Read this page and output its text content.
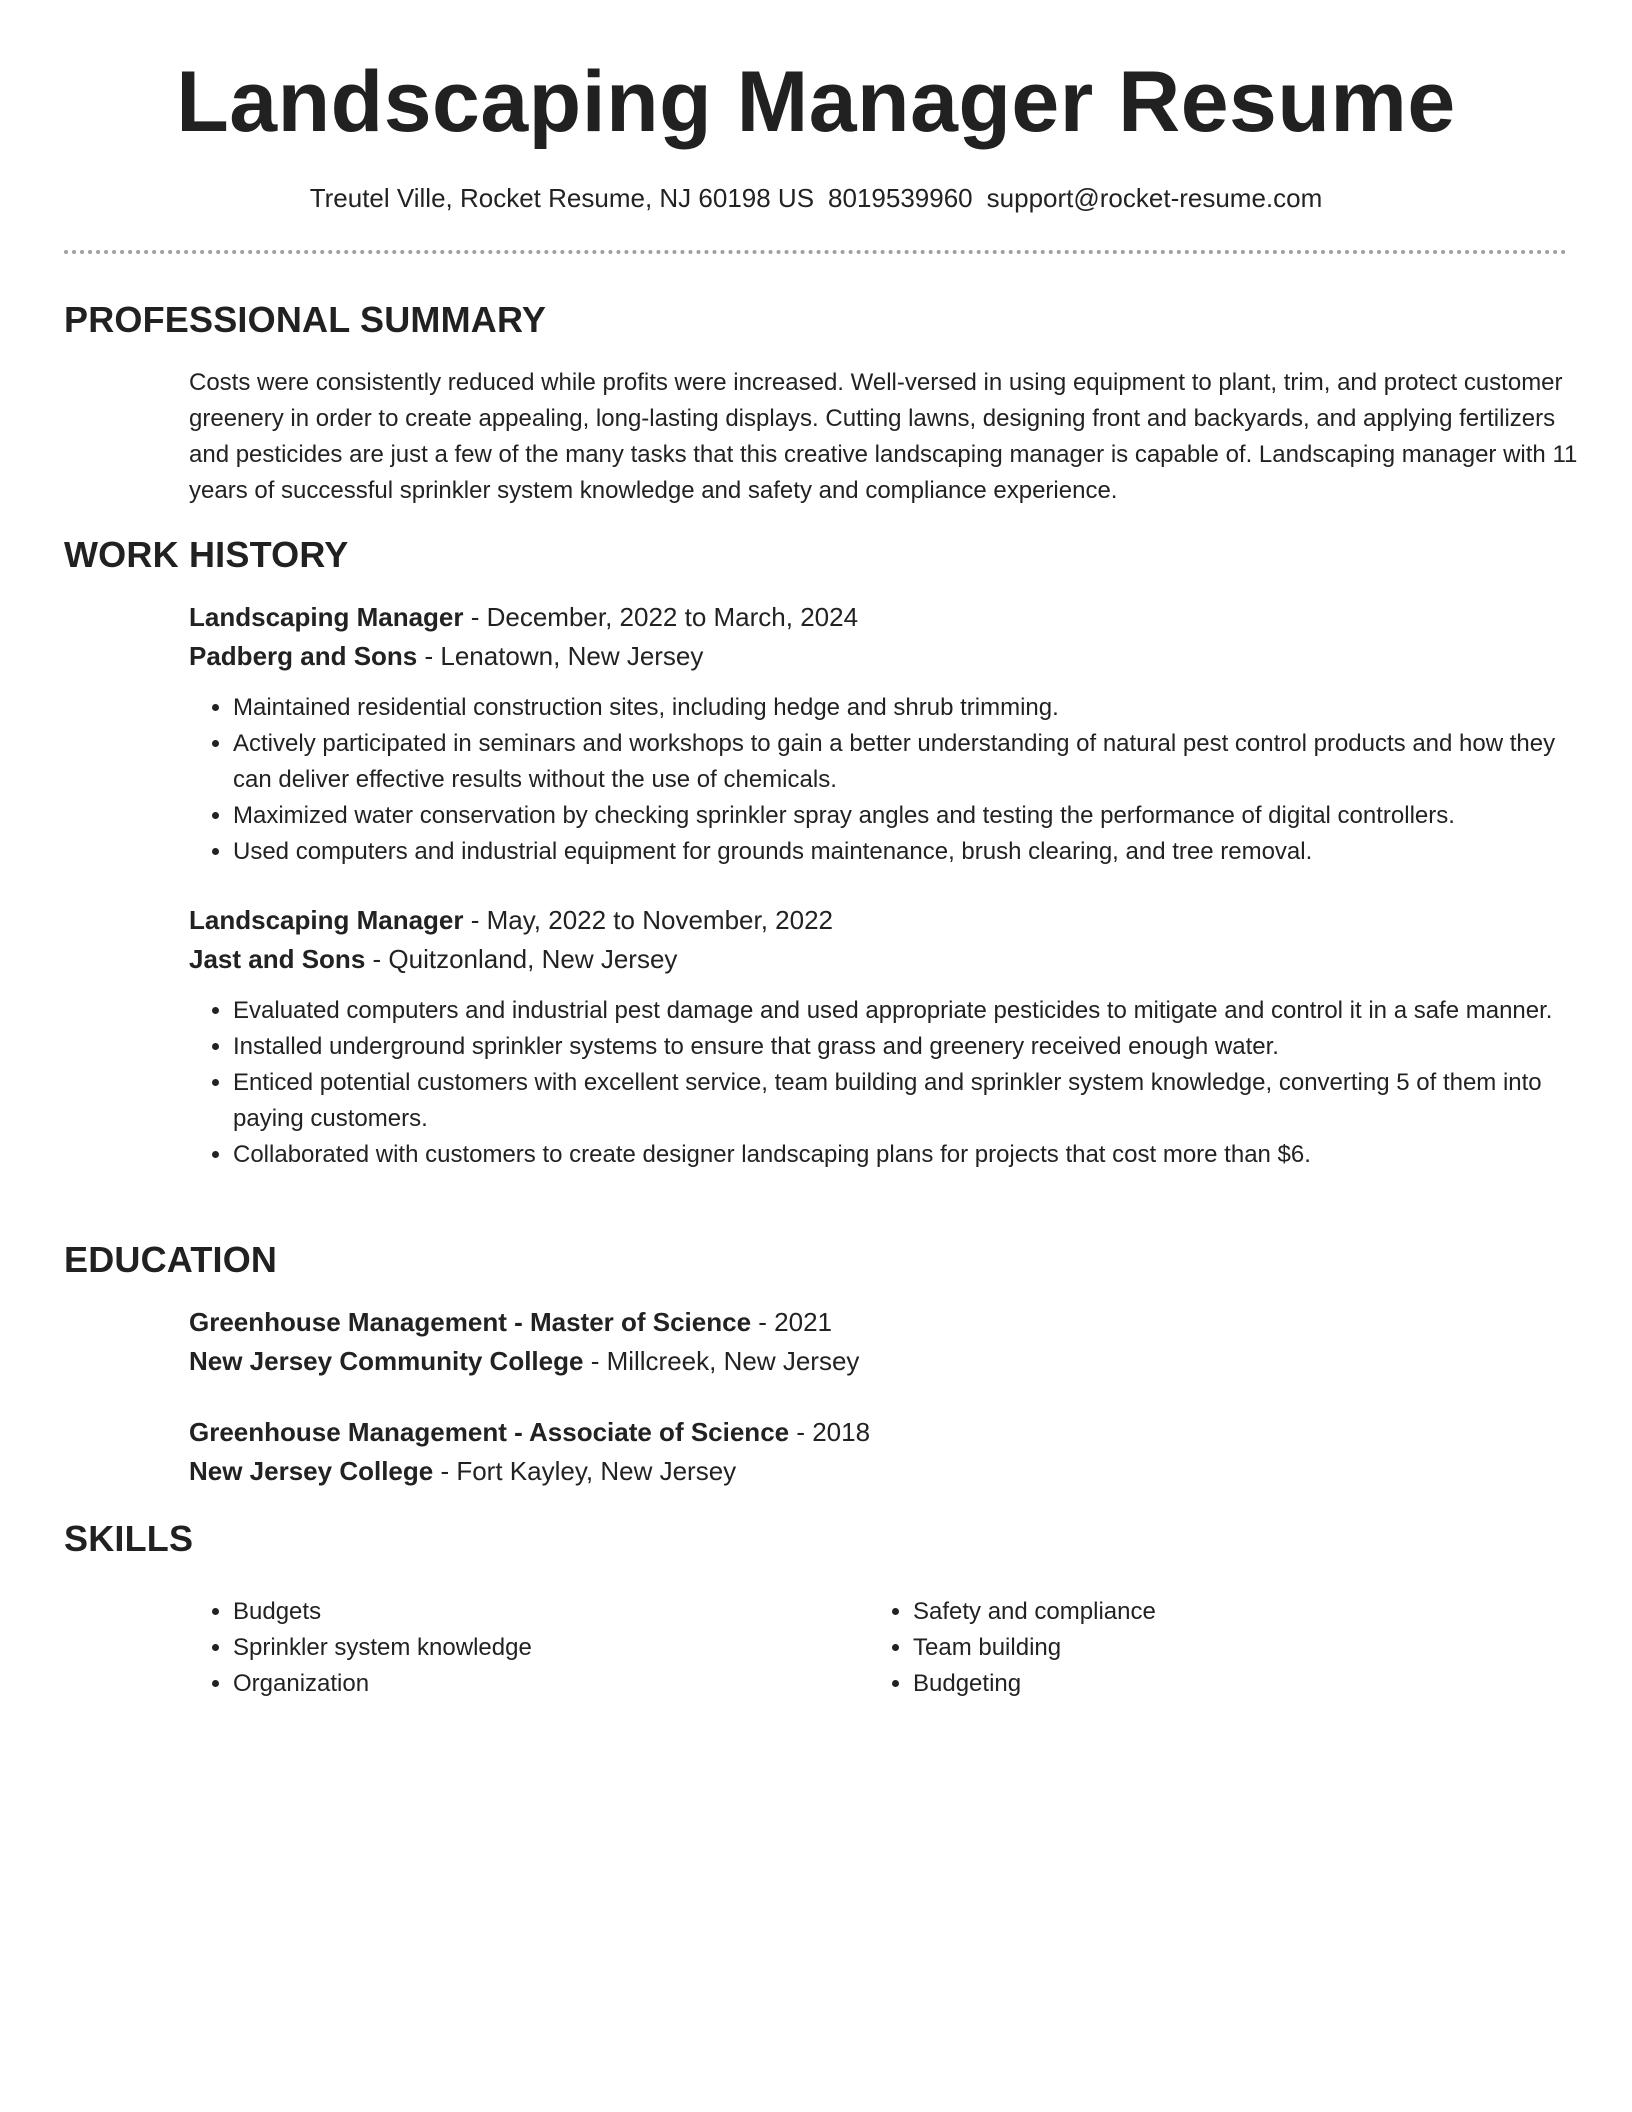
Landscaping Manager Resume
Treutel Ville, Rocket Resume, NJ 60198 US 8019539960 support@rocket-resume.com
PROFESSIONAL SUMMARY

Costs were consistently reduced while profits were increased. Well-versed in using equipment to plant, trim, and protect customer greenery in order to create appealing, long-lasting displays. Cutting lawns, designing front and backyards, and applying fertilizers and pesticides are just a few of the many tasks that this creative landscaping manager is capable of. Landscaping manager with 11 years of successful sprinkler system knowledge and safety and compliance experience.

WORK HISTORY
Landscaping Manager - December, 2022 to March, 2024
Padberg and Sons - Lenatown, New Jersey
• Maintained residential construction sites, including hedge and shrub trimming.
• Actively participated in seminars and workshops to gain a better understanding of natural pest control products and how they can deliver effective results without the use of chemicals.
• Maximized water conservation by checking sprinkler spray angles and testing the performance of digital controllers.
• Used computers and industrial equipment for grounds maintenance, brush clearing, and tree removal.
Landscaping Manager - May, 2022 to November, 2022
Jast and Sons - Quitzonland, New Jersey
• Evaluated computers and industrial pest damage and used appropriate pesticides to mitigate and control it in a safe manner.
• Installed underground sprinkler systems to ensure that grass and greenery received enough water.
• Enticed potential customers with excellent service, team building and sprinkler system knowledge, converting 5 of them into paying customers.
• Collaborated with customers to create designer landscaping plans for projects that cost more than $6.
EDUCATION
Greenhouse Management - Master of Science - 2021
New Jersey Community College - Millcreek, New Jersey
Greenhouse Management - Associate of Science - 2018
New Jersey College - Fort Kayley, New Jersey
SKILLS
• Budgets
• Sprinkler system knowledge
• Organization
• Safety and compliance
• Team building
• Budgeting
